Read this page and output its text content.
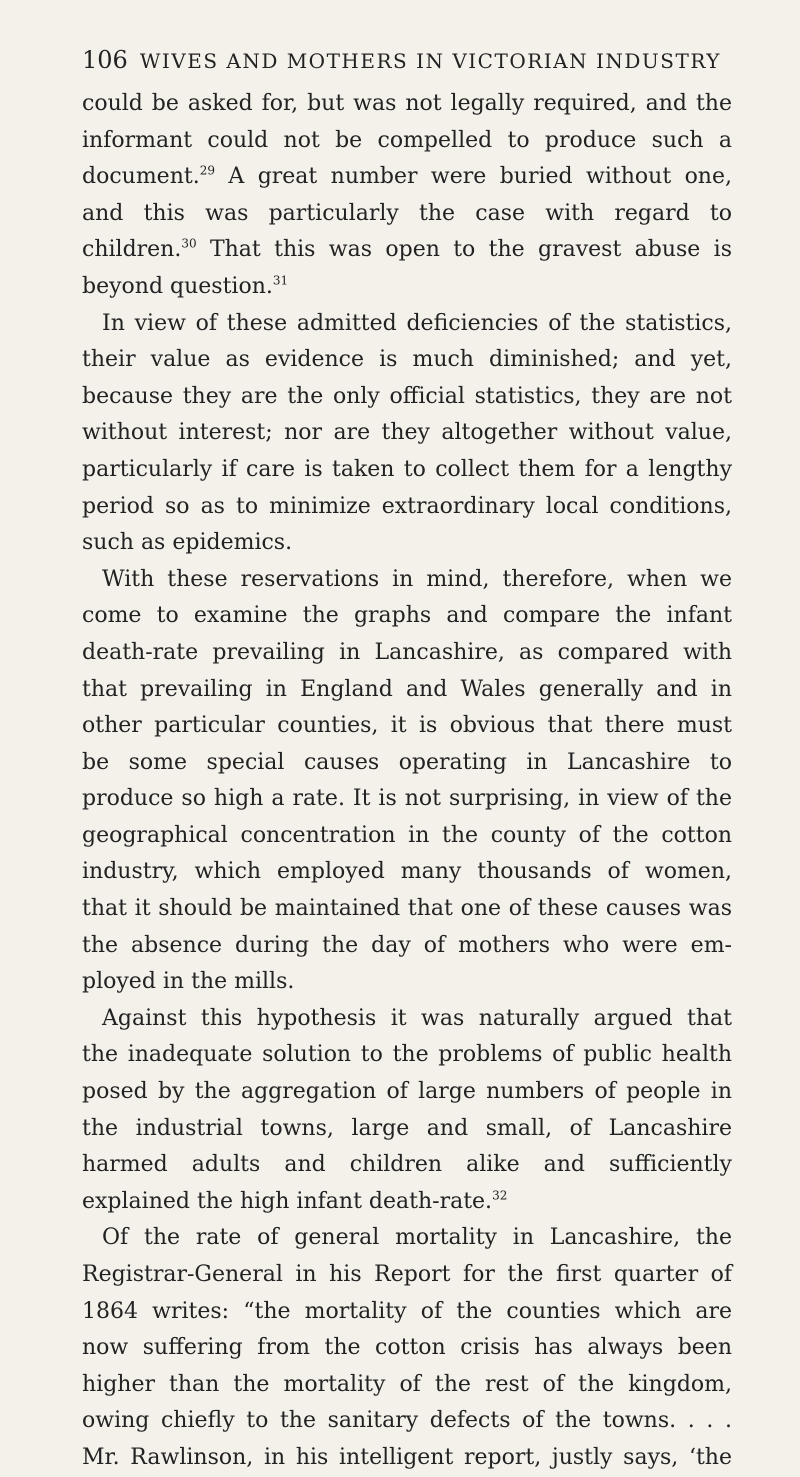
106 WIVES AND MOTHERS IN VICTORIAN INDUSTRY
could be asked for, but was not legally required, and the
informant could not be compelled to produce such a
document.$^{29}$ A great number were buried without one,
and this was particularly the case with regard to
children.$^{30}$ That this was open to the gravest abuse is
beyond question.$^{31}$
In view of these admitted deficiencies of the statistics,
their value as evidence is much diminished; and yet,
because they are the only official statistics, they are not
without interest; nor are they altogether without value,
particularly if care is taken to collect them for a lengthy
period so as to minimize extraordinary local conditions,
such as epidemics.
With these reservations in mind, therefore, when we
come to examine the graphs and compare the infant
death-rate prevailing in Lancashire, as compared with
that prevailing in England and Wales generally and in
other particular counties, it is obvious that there must
be some special causes operating in Lancashire to
produce so high a rate. It is not surprising, in view of the
geographical concentration in the county of the cotton
industry, which employed many thousands of women,
that it should be maintained that one of these causes was
the absence during the day of mothers who were em-
ployed in the mills.
Against this hypothesis it was naturally argued that
the inadequate solution to the problems of public health
posed by the aggregation of large numbers of people in
the industrial towns, large and small, of Lancashire
harmed adults and children alike and sufficiently
explained the high infant death-rate.$^{32}$
Of the rate of general mortality in Lancashire, the
Registrar-General in his Report for the first quarter of
1864 writes: “the mortality of the counties which are
now suffering from the cotton crisis has always been
higher than the mortality of the rest of the kingdom,
owing chiefly to the sanitary defects of the towns. . . .
Mr. Rawlinson, in his intelligent report, justly says, ‘the
